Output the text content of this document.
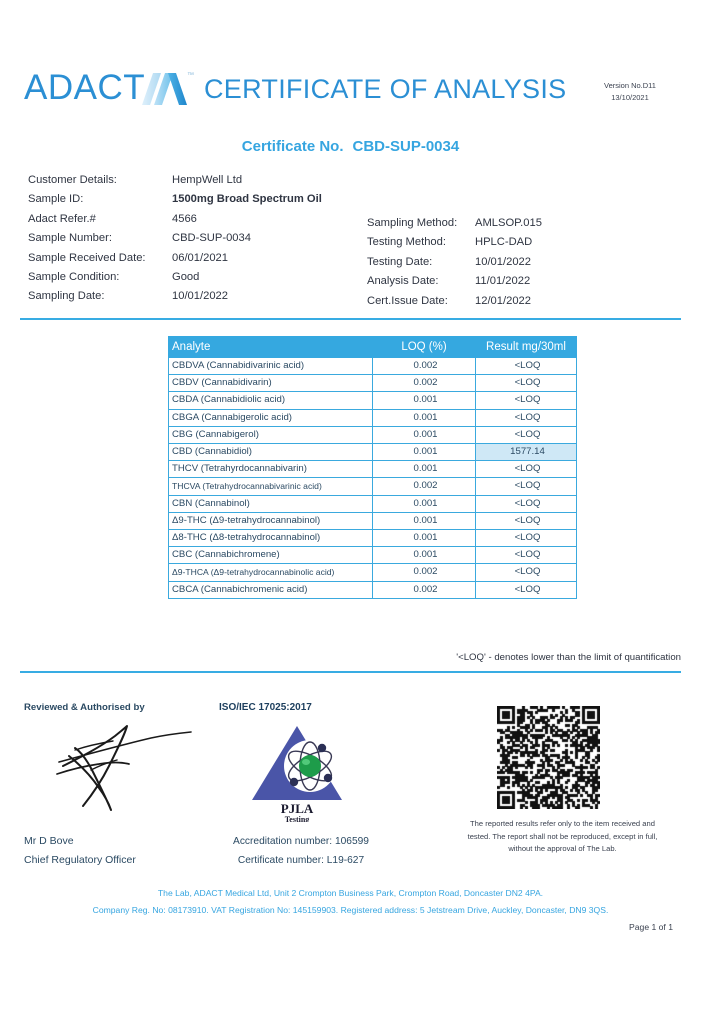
ADACT	™ CERTIFICATE OF ANALYSIS	Version No.D11
13/10/2021
Certificate No. CBD-SUP-0034
Customer Details:	HempWell Ltd
Sample ID:	1500mg Broad Spectrum Oil
Adact Refer.#	4566
Sample Number:	CBD-SUP-0034
Sample Received Date: 06/01/2021
Sample Condition:	Good
Sampling Date:	10/01/2022
Sampling Method: AMLSOP.015
Testing Method:	HPLC-DAD
Testing Date:	10/01/2022
Analysis Date:	11/01/2022
Cert.Issue Date: 12/01/2022
Analyte	LOQ (%)	Result mg/30ml
CBDVA (Cannabidivarinic acid)	0.002	<LOQ
CBDV (Cannabidivarin)	0.002	<LOQ
CBDA (Cannabidiolic acid)	0.001	<LOQ
CBGA (Cannabigerolic acid)	0.001	<LOQ
CBG (Cannabigerol)	0.001	<LOQ
CBD (Cannabidiol)	0.001	1577.14
THCV (Tetrahyrdocannabivarin)	0.001	<LOQ
THCVA (Tetrahydrocannabivarinic acid)	0.002	<LOQ
CBN (Cannabinol)	0.001	<LOQ
Δ9-THC (Δ9-tetrahydrocannabinol)	0.001	<LOQ
Δ8-THC (Δ8-tetrahydrocannabinol)	0.001	<LOQ
CBC (Cannabichromene)	0.001	<LOQ
Δ9-THCA (Δ9-tetrahydrocannabinolic acid)	0.002	<LOQ
CBCA (Cannabichromenic acid)	0.002	<LOQ
'<LOQ' - denotes lower than the limit of quantification
Reviewed & Authorised by
Mr D Bove
Chief Regulatory Officer
ISO/IEC 17025:2017
PJLA
Testing
Accreditation number: 106599
Certificate number: L19-627
The reported results refer only to the item received and tested. The report shall not be reproduced, except in full, without the approval of The Lab.
The Lab, ADACT Medical Ltd, Unit 2 Crompton Business Park, Crompton Road, Doncaster DN2 4PA.
Company Reg. No: 08173910. VAT Registration No: 145159903. Registered address: 5 Jetstream Drive, Auckley, Doncaster, DN9 3QS.
Page 1 of 1
